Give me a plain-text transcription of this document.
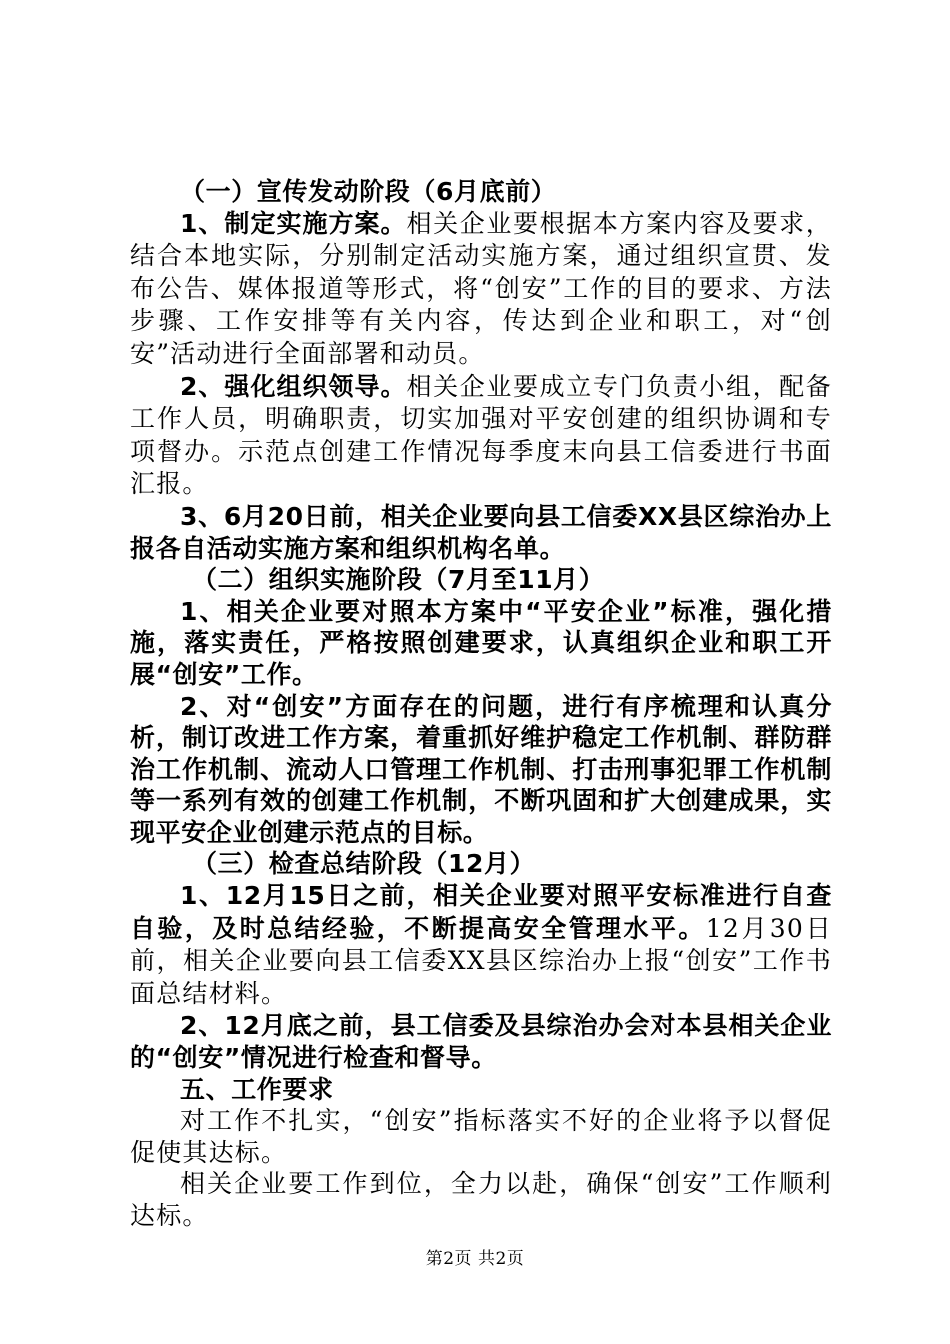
（一）宣传发动阶段（6月底前）

1、制定实施方案。相关企业要根据本方案内容及要求，结合本地实际，分别制定活动实施方案，通过组织宣贯、发布公告、媒体报道等形式，将“创安”工作的目的要求、方法步骤、工作安排等有关内容，传达到企业和职工，对“创安”活动进行全面部署和动员。

2、强化组织领导。相关企业要成立专门负责小组，配备工作人员，明确职责，切实加强对平安创建的组织协调和专项督办。示范点创建工作情况每季度末向县工信委进行书面汇报。

3、6月20日前，相关企业要向县工信委XX县区综治办上报各自活动实施方案和组织机构名单。

（二）组织实施阶段（7月至11月）

1、相关企业要对照本方案中“平安企业”标准，强化措施，落实责任，严格按照创建要求，认真组织企业和职工开展“创安”工作。

2、对“创安”方面存在的问题，进行有序梳理和认真分析，制订改进工作方案，着重抓好维护稳定工作机制、群防群治工作机制、流动人口管理工作机制、打击刑事犯罪工作机制等一系列有效的创建工作机制，不断巩固和扩大创建成果，实现平安企业创建示范点的目标。

（三）检查总结阶段（12月）

1、12月15日之前，相关企业要对照平安标准进行自查自验，及时总结经验，不断提高安全管理水平。12月30日前，相关企业要向县工信委XX县区综治办上报“创安”工作书面总结材料。

2、12月底之前，县工信委及县综治办会对本县相关企业的“创安”情况进行检查和督导。

五、工作要求

对工作不扎实，“创安”指标落实不好的企业将予以督促促使其达标。

相关企业要工作到位，全力以赴，确保“创安”工作顺利达标。

第2页 共2页
